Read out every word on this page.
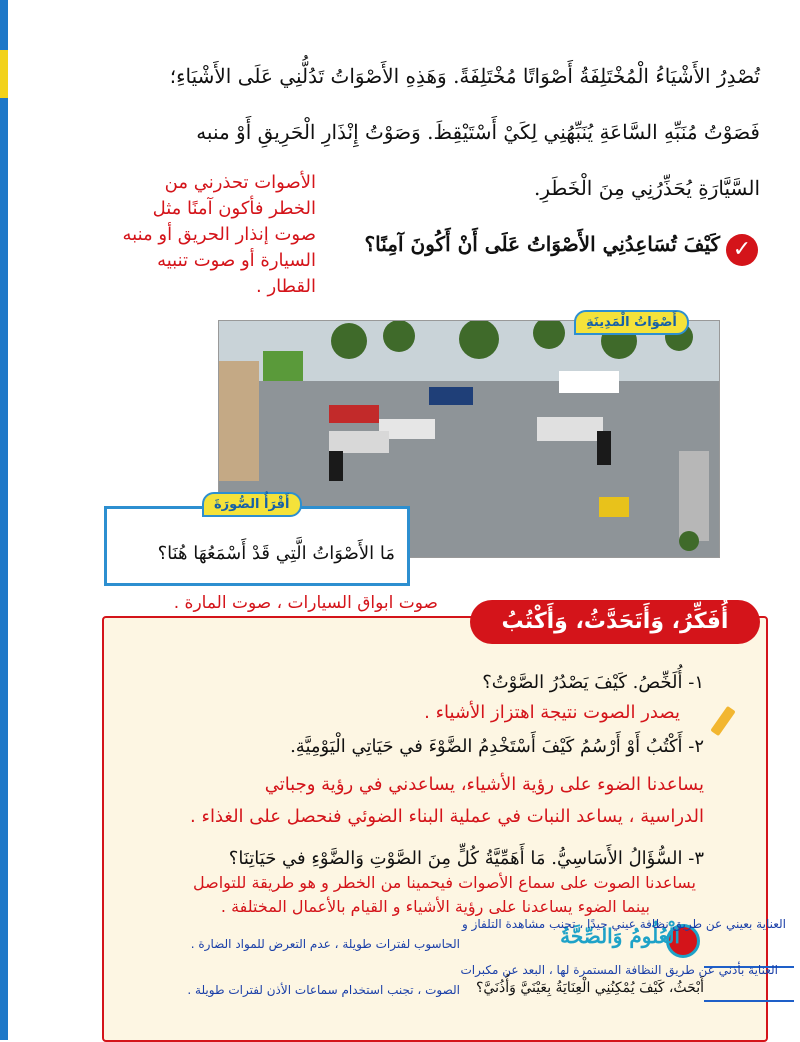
تُصْدِرُ الأَشْيَاءُ الْمُخْتَلِفَةُ أَصْوَاتًا مُخْتَلِفَةً. وَهَذِهِ الأَصْوَاتُ تَدُلُّنِي عَلَى الأَشْيَاءِ؛
فَصَوْتُ مُنَبِّهِ السَّاعَةِ يُنَبِّهُنِي لِكَيْ أَسْتَيْقِظَ. وَصَوْتُ إِنْذَارِ الْحَرِيقِ أَوْ منبه
السَّيَّارَةِ يُحَذِّرُنِي مِنَ الْخَطَرِ.
الأصوات تحذرني من
الخطر فأكون آمنًا مثل
صوت إنذار الحريق أو منبه
السيارة أو صوت تنبيه
القطار .
✓
كَيْفَ تُسَاعِدُنِي الأَصْوَاتُ عَلَى أَنْ أَكُونَ آمِنًا؟
أَصْوَاتُ الْمَدِينَةِ
مَا الأَصْوَاتُ الَّتِي قَدْ أَسْمَعُهَا هُنَا؟
أَقْرَأُ الصُّورَةَ
صوت ابواق السيارات ، صوت المارة .
أُفَكِّرُ، وَأَتَحَدَّثُ، وَأَكْتُبُ
١- أُلَخِّصُ. كَيْفَ يَصْدُرُ الصَّوْتُ؟
يصدر الصوت نتيجة اهتزاز الأشياء .
٢- أَكْتُبُ أَوْ أَرْسُمُ كَيْفَ أَسْتَخْدِمُ الضَّوْءَ في حَيَاتِي الْيَوْمِيَّةِ.
يساعدنا الضوء على رؤية الأشياء، يساعدني في رؤية وجباتي
الدراسية ، يساعد النبات في عملية البناء الضوئي فنحصل على الغذاء .
٣- السُّؤَالُ الأَسَاسِيُّ. مَا أَهَمِّيَّةُ كُلٍّ مِنَ الصَّوْتِ وَالضَّوْءِ في حَيَاتِنَا؟
يساعدنا الصوت على سماع الأصوات فيحمينا من الخطر و هو طريقة للتواصل
بينما الضوء يساعدنا على رؤية الأشياء و القيام بالأعمال المختلفة .
الْعُلُومُ وَالصِّحَّةُ
العناية بعيني عن طريق نظافة عيني جيدًا ، تجنب مشاهدة التلفاز و
الحاسوب لفترات طويلة ، عدم التعرض للمواد الضارة .
العناية بأذني عن طريق النظافة المستمرة لها ، البعد عن مكبرات
الصوت ، تجنب استخدام سماعات الأذن لفترات طويلة . أَبْحَثُ، كَيْفَ يُمْكِنُنِي الْعِنَايَةُ بِعَيْنَيَّ وَأُذُنَيَّ؟
